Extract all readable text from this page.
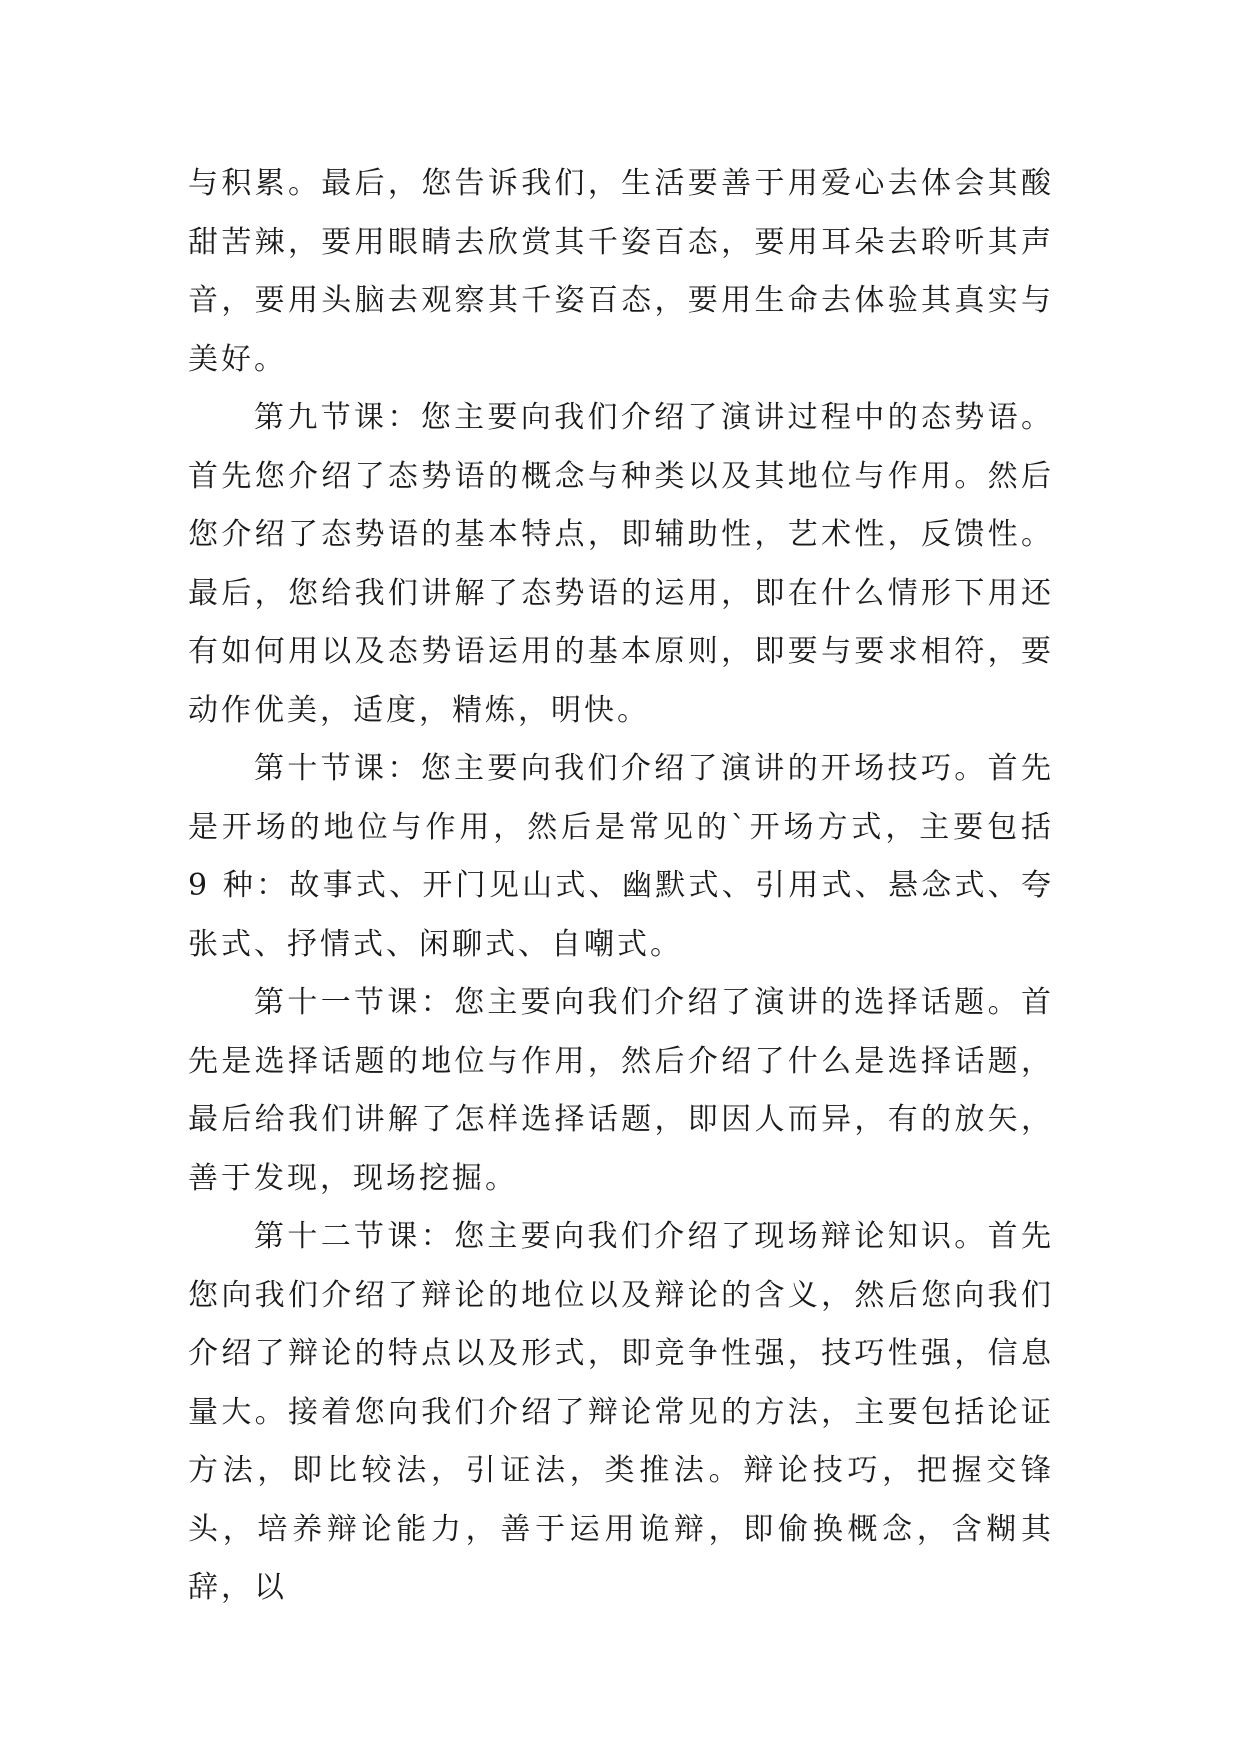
与积累。最后，您告诉我们，生活要善于用爱心去体会其酸甜苦辣，要用眼睛去欣赏其千姿百态，要用耳朵去聆听其声音，要用头脑去观察其千姿百态，要用生命去体验其真实与美好。

第九节课：您主要向我们介绍了演讲过程中的态势语。首先您介绍了态势语的概念与种类以及其地位与作用。然后您介绍了态势语的基本特点，即辅助性，艺术性，反馈性。最后，您给我们讲解了态势语的运用，即在什么情形下用还有如何用以及态势语运用的基本原则，即要与要求相符，要动作优美，适度，精炼，明快。

第十节课：您主要向我们介绍了演讲的开场技巧。首先是开场的地位与作用，然后是常见的`开场方式，主要包括 9 种：故事式、开门见山式、幽默式、引用式、悬念式、夸张式、抒情式、闲聊式、自嘲式。

第十一节课：您主要向我们介绍了演讲的选择话题。首先是选择话题的地位与作用，然后介绍了什么是选择话题，最后给我们讲解了怎样选择话题，即因人而异，有的放矢，善于发现，现场挖掘。

第十二节课：您主要向我们介绍了现场辩论知识。首先您向我们介绍了辩论的地位以及辩论的含义，然后您向我们介绍了辩论的特点以及形式，即竞争性强，技巧性强，信息量大。接着您向我们介绍了辩论常见的方法，主要包括论证方法，即比较法，引证法，类推法。辩论技巧，把握交锋头，培养辩论能力，善于运用诡辩，即偷换概念，含糊其辞，以
